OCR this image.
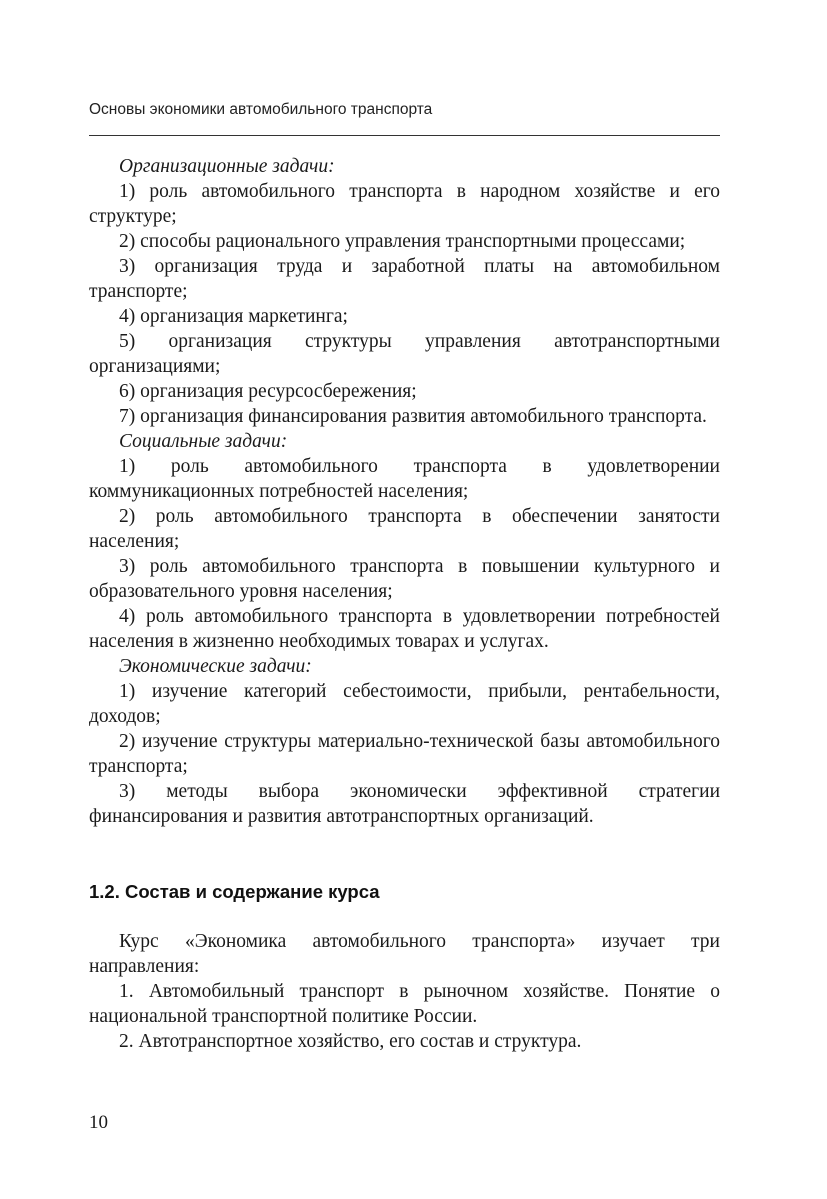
Основы экономики автомобильного транспорта

Организационные задачи:

1) роль автомобильного транспорта в народном хозяйстве и его структуре;

2) способы рационального управления транспортными процессами;

3) организация труда и заработной платы на автомобильном транспорте;

4) организация маркетинга;

5) организация структуры управления автотранспортными организациями;

6) организация ресурсосбережения;

7) организация финансирования развития автомобильного транспорта.

Социальные задачи:

1) роль автомобильного транспорта в удовлетворении коммуникационных потребностей населения;

2) роль автомобильного транспорта в обеспечении занятости населения;

3) роль автомобильного транспорта в повышении культурного и образовательного уровня населения;

4) роль автомобильного транспорта в удовлетворении потребностей населения в жизненно необходимых товарах и услугах.

Экономические задачи:

1) изучение категорий себестоимости, прибыли, рентабельности, доходов;

2) изучение структуры материально-технической базы автомобильного транспорта;

3) методы выбора экономически эффективной стратегии финансирования и развития автотранспортных организаций.

1.2. Состав и содержание курса

Курс «Экономика автомобильного транспорта» изучает три направления:

1. Автомобильный транспорт в рыночном хозяйстве. Понятие о национальной транспортной политике России.

2. Автотранспортное хозяйство, его состав и структура.

10
